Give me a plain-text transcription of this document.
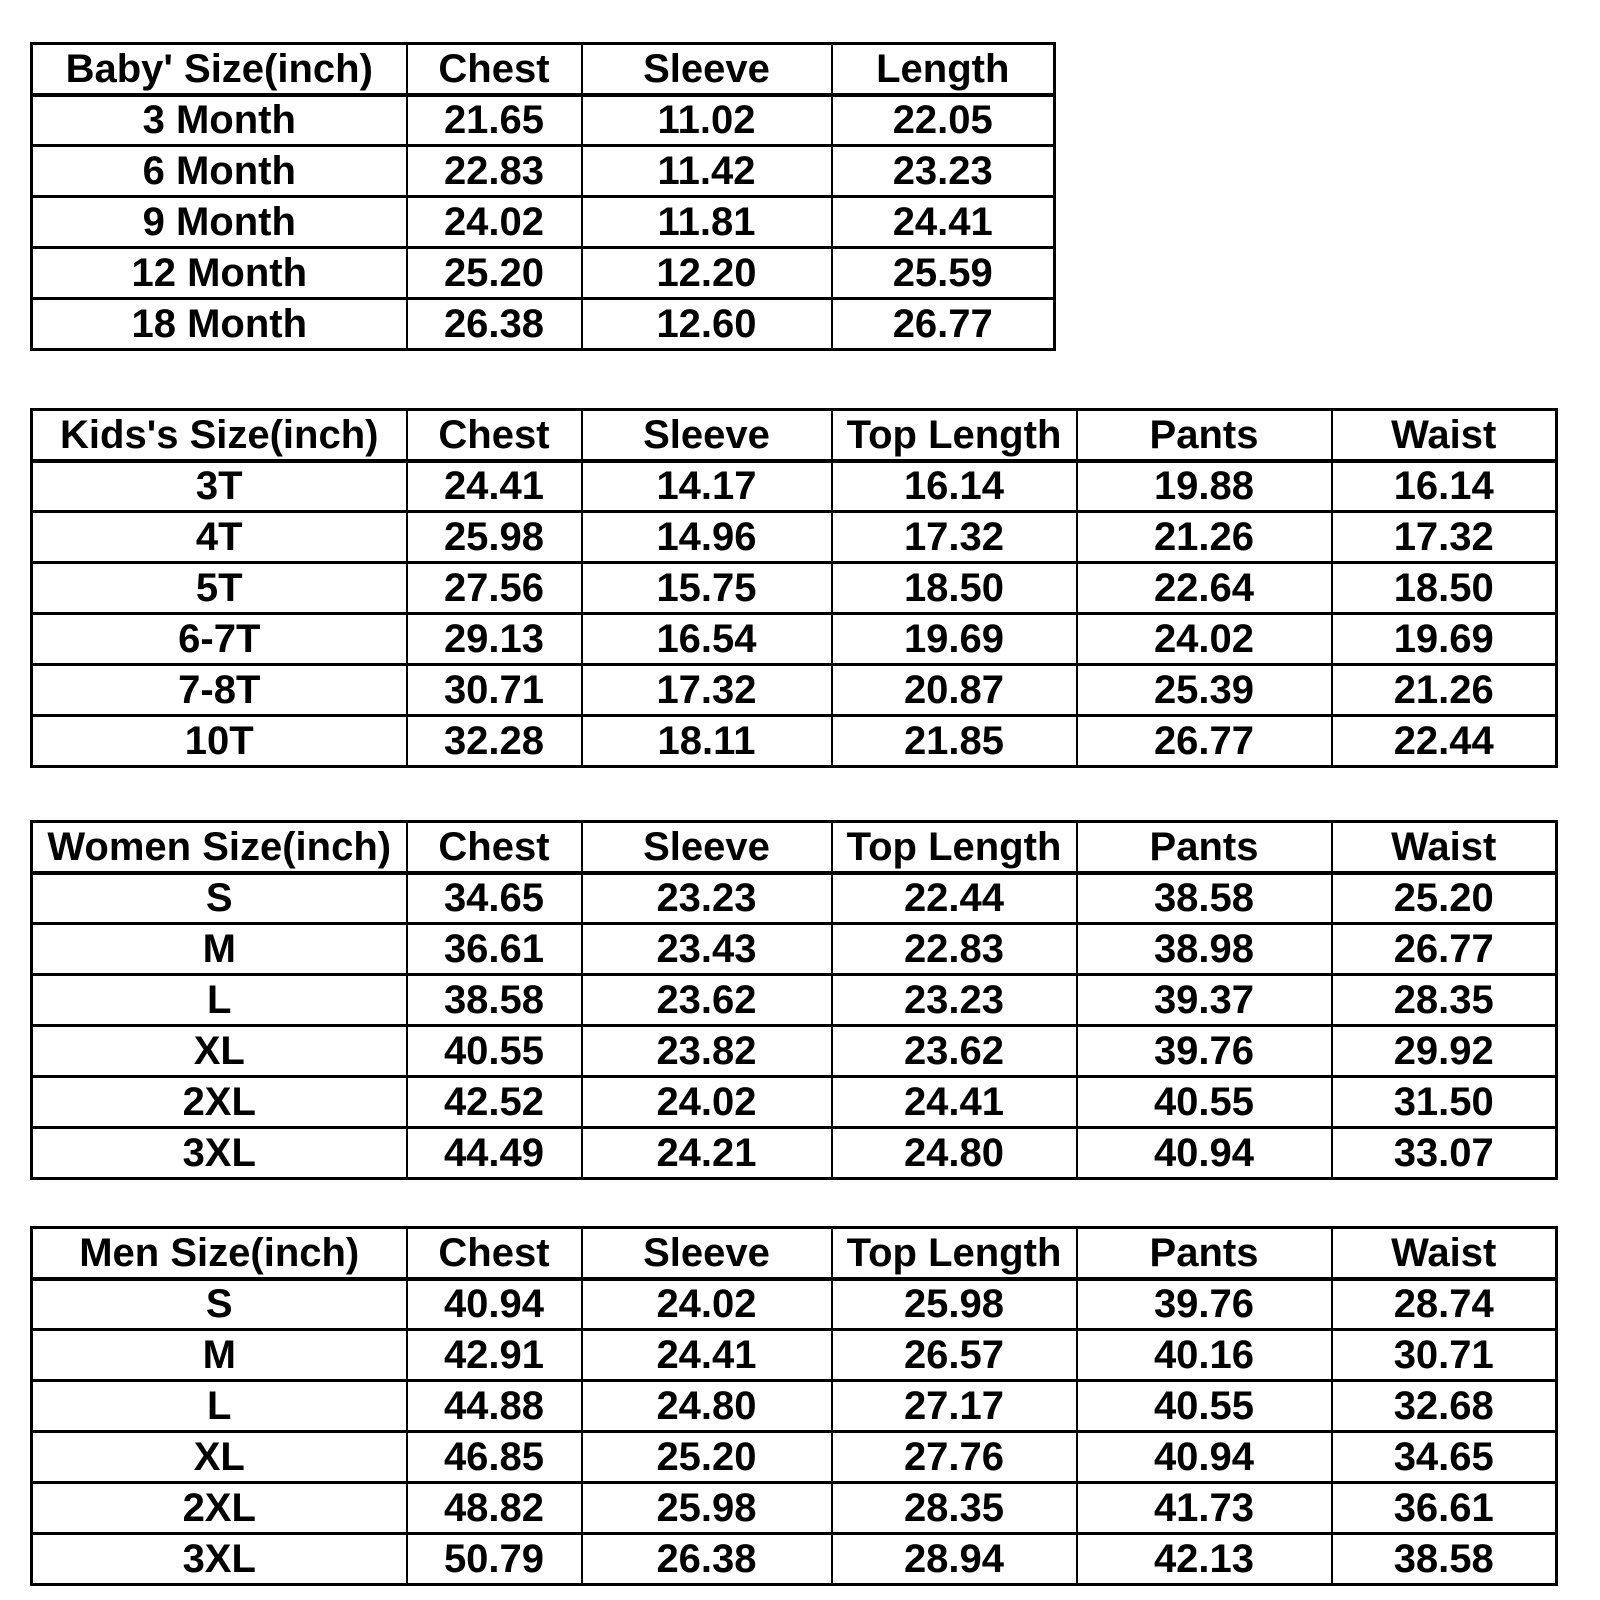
Baby' Size(inch)	Chest	Sleeve	Length
3 Month	21.65	11.02	22.05
6 Month	22.83	11.42	23.23
9 Month	24.02	11.81	24.41
12 Month	25.20	12.20	25.59
18 Month	26.38	12.60	26.77
Kids's Size(inch)	Chest	Sleeve	Top Length	Pants	Waist
3T	24.41	14.17	16.14	19.88	16.14
4T	25.98	14.96	17.32	21.26	17.32
5T	27.56	15.75	18.50	22.64	18.50
6-7T	29.13	16.54	19.69	24.02	19.69
7-8T	30.71	17.32	20.87	25.39	21.26
10T	32.28	18.11	21.85	26.77	22.44
Women Size(inch)	Chest	Sleeve	Top Length	Pants	Waist
S	34.65	23.23	22.44	38.58	25.20
M	36.61	23.43	22.83	38.98	26.77
L	38.58	23.62	23.23	39.37	28.35
XL	40.55	23.82	23.62	39.76	29.92
2XL	42.52	24.02	24.41	40.55	31.50
3XL	44.49	24.21	24.80	40.94	33.07
Men Size(inch)	Chest	Sleeve	Top Length	Pants	Waist
S	40.94	24.02	25.98	39.76	28.74
M	42.91	24.41	26.57	40.16	30.71
L	44.88	24.80	27.17	40.55	32.68
XL	46.85	25.20	27.76	40.94	34.65
2XL	48.82	25.98	28.35	41.73	36.61
3XL	50.79	26.38	28.94	42.13	38.58
